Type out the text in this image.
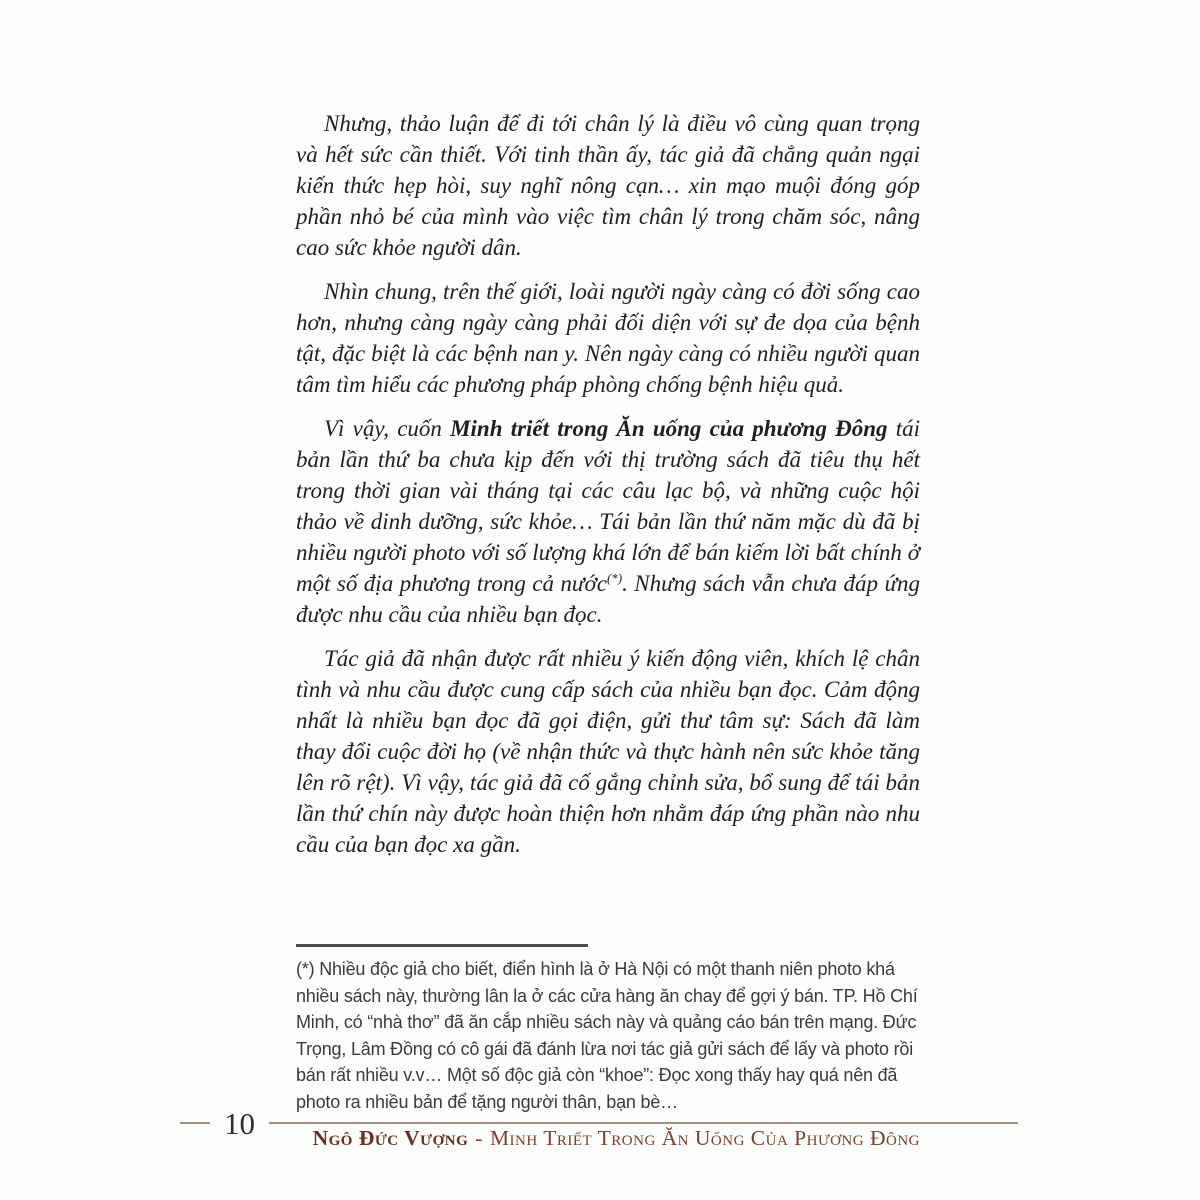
Nhưng, thảo luận để đi tới chân lý là điều vô cùng quan trọng và hết sức cần thiết. Với tinh thần ấy, tác giả đã chẳng quản ngại kiến thức hẹp hòi, suy nghĩ nông cạn… xin mạo muội đóng góp phần nhỏ bé của mình vào việc tìm chân lý trong chăm sóc, nâng cao sức khỏe người dân.

Nhìn chung, trên thế giới, loài người ngày càng có đời sống cao hơn, nhưng càng ngày càng phải đối diện với sự đe dọa của bệnh tật, đặc biệt là các bệnh nan y. Nên ngày càng có nhiều người quan tâm tìm hiểu các phương pháp phòng chống bệnh hiệu quả.

Vì vậy, cuốn Minh triết trong Ăn uống của phương Đông tái bản lần thứ ba chưa kịp đến với thị trường sách đã tiêu thụ hết trong thời gian vài tháng tại các câu lạc bộ, và những cuộc hội thảo về dinh dưỡng, sức khỏe… Tái bản lần thứ năm mặc dù đã bị nhiều người photo với số lượng khá lớn để bán kiếm lời bất chính ở một số địa phương trong cả nước(*). Nhưng sách vẫn chưa đáp ứng được nhu cầu của nhiều bạn đọc.

Tác giả đã nhận được rất nhiều ý kiến động viên, khích lệ chân tình và nhu cầu được cung cấp sách của nhiều bạn đọc. Cảm động nhất là nhiều bạn đọc đã gọi điện, gửi thư tâm sự: Sách đã làm thay đổi cuộc đời họ (về nhận thức và thực hành nên sức khỏe tăng lên rõ rệt). Vì vậy, tác giả đã cố gắng chỉnh sửa, bổ sung để tái bản lần thứ chín này được hoàn thiện hơn nhằm đáp ứng phần nào nhu cầu của bạn đọc xa gần.

(*) Nhiều độc giả cho biết, điển hình là ở Hà Nội có một thanh niên photo khá nhiều sách này, thường lân la ở các cửa hàng ăn chay để gợi ý bán. TP. Hồ Chí Minh, có “nhà thơ” đã ăn cắp nhiều sách này và quảng cáo bán trên mạng. Đức Trọng, Lâm Đồng có cô gái đã đánh lừa nơi tác giả gửi sách để lấy và photo rồi bán rất nhiều v.v… Một số độc giả còn “khoe”: Đọc xong thấy hay quá nên đã photo ra nhiều bản để tặng người thân, bạn bè…

10	Ngô Đức Vượng - Minh Triết Trong Ăn Uống Của Phương Đông
